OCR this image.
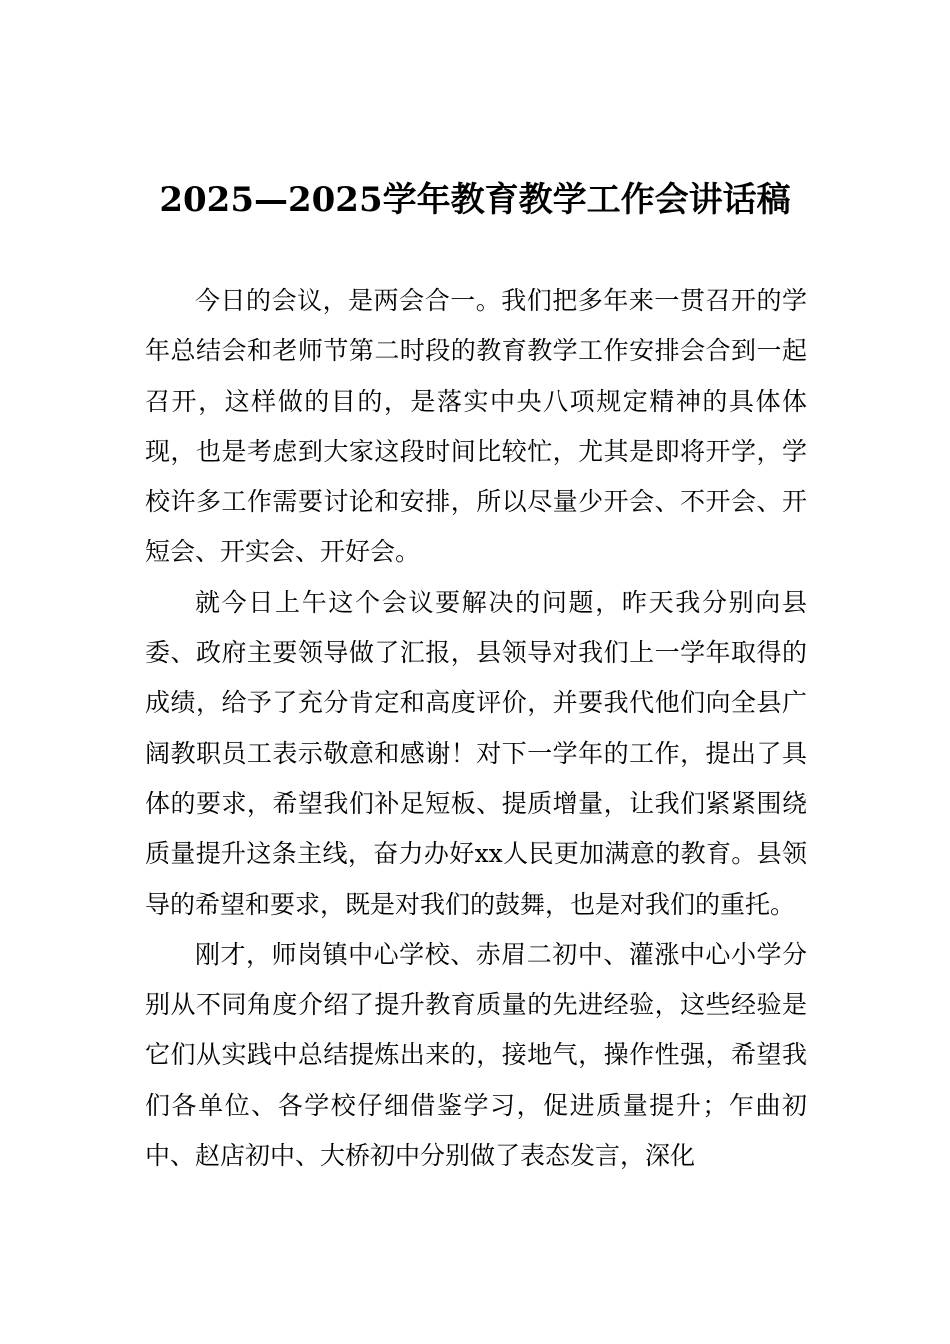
2025—2025学年教育教学工作会讲话稿

今日的会议，是两会合一。我们把多年来一贯召开的学年总结会和老师节第二时段的教育教学工作安排会合到一起召开，这样做的目的，是落实中央八项规定精神的具体体现，也是考虑到大家这段时间比较忙，尤其是即将开学，学校许多工作需要讨论和安排，所以尽量少开会、不开会、开短会、开实会、开好会。

就今日上午这个会议要解决的问题，昨天我分别向县委、政府主要领导做了汇报，县领导对我们上一学年取得的成绩，给予了充分肯定和高度评价，并要我代他们向全县广阔教职员工表示敬意和感谢！对下一学年的工作，提出了具体的要求，希望我们补足短板、提质增量，让我们紧紧围绕质量提升这条主线，奋力办好xx人民更加满意的教育。县领导的希望和要求，既是对我们的鼓舞，也是对我们的重托。

刚才，师岗镇中心学校、赤眉二初中、灌涨中心小学分别从不同角度介绍了提升教育质量的先进经验，这些经验是它们从实践中总结提炼出来的，接地气，操作性强，希望我们各单位、各学校仔细借鉴学习，促进质量提升；乍曲初中、赵店初中、大桥初中分别做了表态发言，深化
